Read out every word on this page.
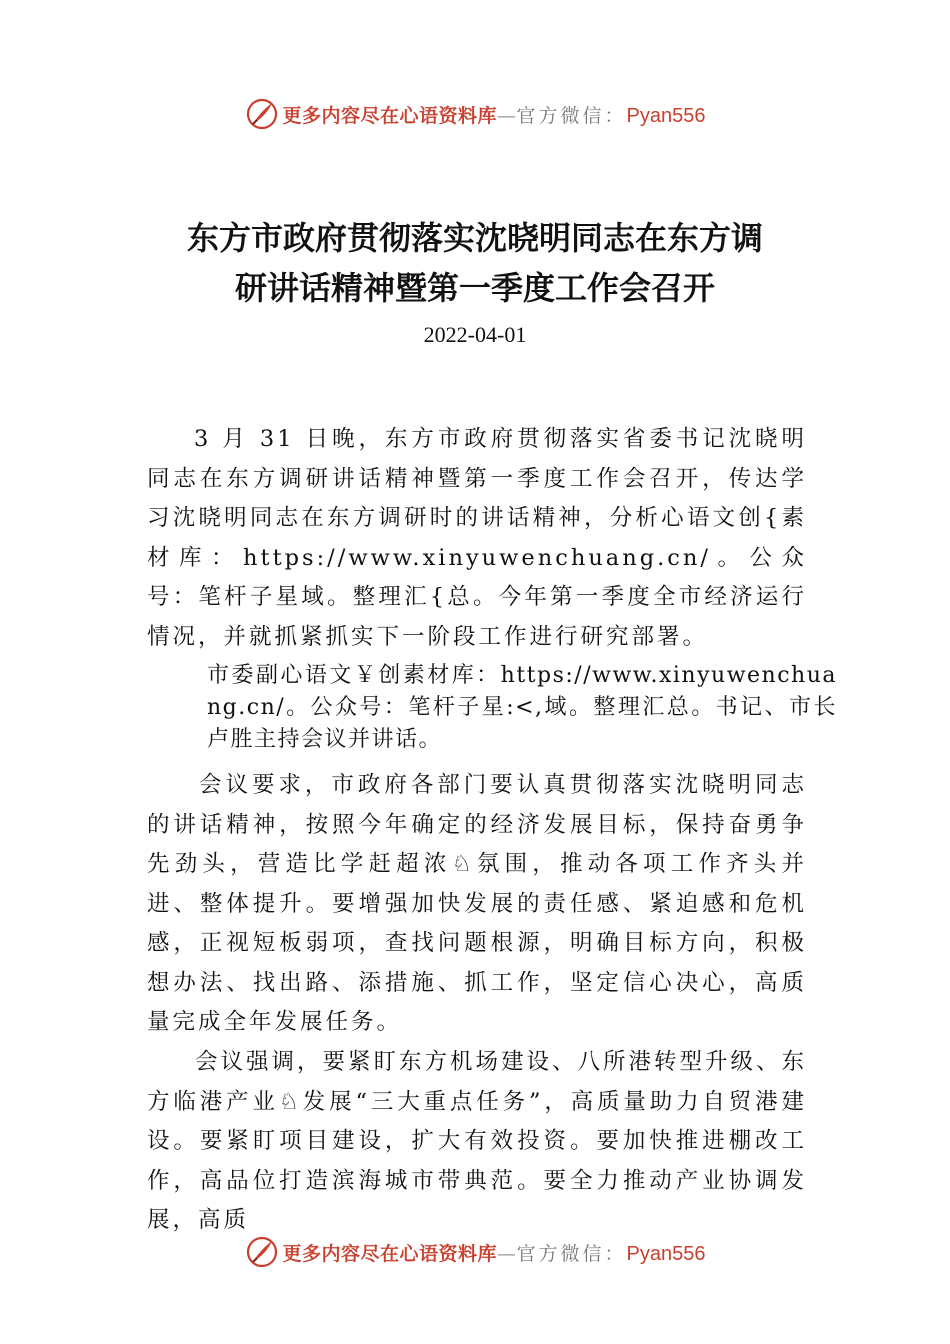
更多内容尽在心语资料库—官方微信：Pyan556
东方市政府贯彻落实沈晓明同志在东方调
研讲话精神暨第一季度工作会召开
2022-04-01
3 月 31 日晚，东方市政府贯彻落实省委书记沈晓明同志在东方调研讲话精神暨第一季度工作会召开，传达学习沈晓明同志在东方调研时的讲话精神，分析心语文创{素材库：https://www.xinyuwenchuang.cn/。公众号：笔杆子星域。整理汇{总。今年第一季度全市经济运行情况，并就抓紧抓实下一阶段工作进行研究部署。
市委副心语文￥创素材库：https://www.xinyuwenchuang.cn/。公众号：笔杆子星:<,域。整理汇总。书记、市长卢胜主持会议并讲话。
会议要求，市政府各部门要认真贯彻落实沈晓明同志的讲话精神，按照今年确定的经济发展目标，保持奋勇争先劲头，营造比学赶超浓♘氛围，推动各项工作齐头并进、整体提升。要增强加快发展的责任感、紧迫感和危机感，正视短板弱项，查找问题根源，明确目标方向，积极想办法、找出路、添措施、抓工作，坚定信心决心，高质量完成全年发展任务。
会议强调，要紧盯东方机场建设、八所港转型升级、东方临港产业♘发展“三大重点任务”，高质量助力自贸港建设。要紧盯项目建设，扩大有效投资。要加快推进棚改工作，高品位打造滨海城市带典范。要全力推动产业协调发展，高质
更多内容尽在心语资料库—官方微信：Pyan556
